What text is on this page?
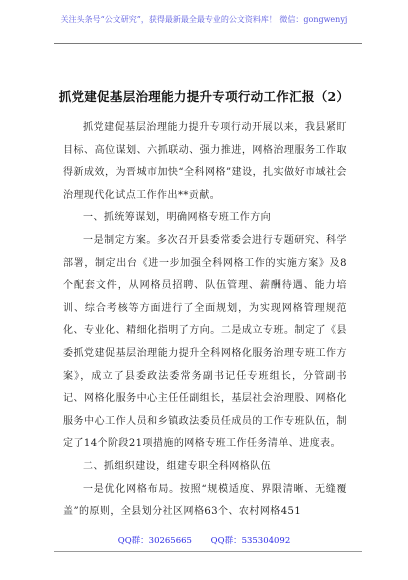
关注头条号“公文研究”，获得最新最全最专业的公文资料库！ 微信：gongwenyj
抓党建促基层治理能力提升专项行动工作汇报（2）

抓党建促基层治理能力提升专项行动开展以来，我县紧盯目标、高位谋划、六抓联动、强力推进，网格治理服务工作取得新成效，为晋城市加快“全科网格”建设，扎实做好市域社会治理现代化试点工作作出**贡献。

一、抓统筹谋划，明确网格专班工作方向

一是制定方案。多次召开县委常委会进行专题研究、科学部署，制定出台《进一步加强全科网格工作的实施方案》及8个配套文件，从网格员招聘、队伍管理、薪酬待遇、能力培训、综合考核等方面进行了全面规划，为实现网格管理规范化、专业化、精细化指明了方向。二是成立专班。制定了《县委抓党建促基层治理能力提升全科网格化服务治理专班工作方案》，成立了县委政法委常务副书记任专班组长，分管副书记、网格化服务中心主任任副组长，基层社会治理股、网格化服务中心工作人员和乡镇政法委员任成员的工作专班队伍，制定了14个阶段21项措施的网格专班工作任务清单、进度表。

二、抓组织建设，组建专职全科网格队伍

一是优化网格布局。按照“规模适度、界限清晰、无缝覆盖”的原则，全县划分社区网格63个、农村网格451

QQ群：30265665 QQ群：535304092
